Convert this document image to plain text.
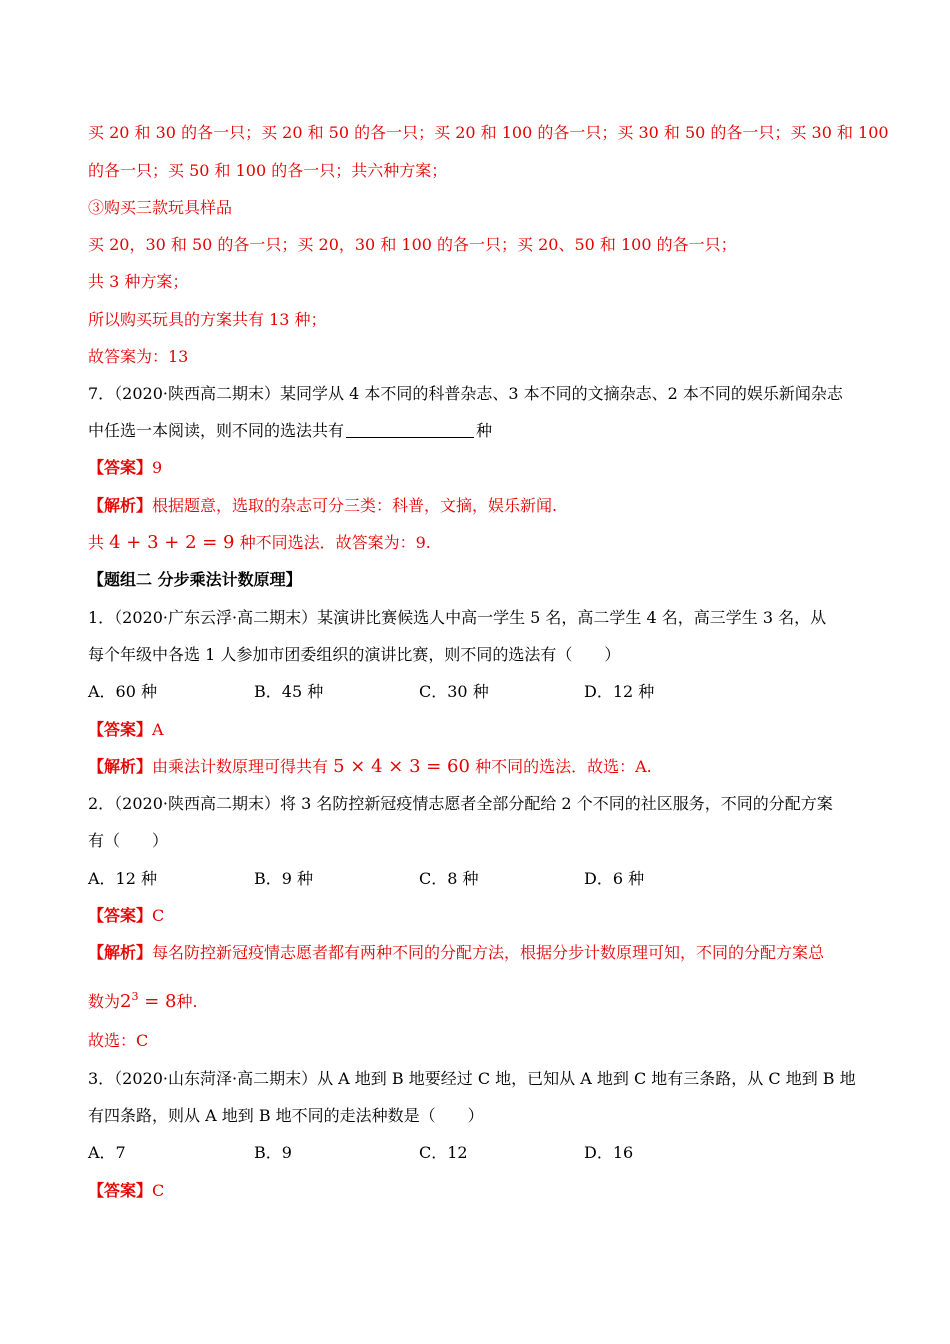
买 20 和 30 的各一只；买 20 和 50 的各一只；买 20 和 100 的各一只；买 30 和 50 的各一只；买 30 和 100
的各一只；买 50 和 100 的各一只；共六种方案；
③购买三款玩具样品
买 20，30 和 50 的各一只；买 20，30 和 100 的各一只；买 20、50 和 100 的各一只；
共 3 种方案；
所以购买玩具的方案共有 13 种；
故答案为：13
7．（2020·陕西高二期末）某同学从 4 本不同的科普杂志、3 本不同的文摘杂志、2 本不同的娱乐新闻杂志
中任选一本阅读，则不同的选法共有	种
【答案】9
【解析】根据题意，选取的杂志可分三类：科普，文摘，娱乐新闻.
共 4 + 3 + 2 = 9 种不同选法．故答案为：9.
【题组二 分步乘法计数原理】
1．（2020·广东云浮·高二期末）某演讲比赛候选人中高一学生 5 名，高二学生 4 名，高三学生 3 名，从
每个年级中各选 1 人参加市团委组织的演讲比赛，则不同的选法有（　　）
A．60 种	B．45 种	C．30 种	D．12 种
【答案】A
【解析】由乘法计数原理可得共有 5 × 4 × 3 = 60 种不同的选法．故选：A.
2．（2020·陕西高二期末）将 3 名防控新冠疫情志愿者全部分配给 2 个不同的社区服务，不同的分配方案
有（　　）
A．12 种	B．9 种	C．8 种	D．6 种
【答案】C
【解析】每名防控新冠疫情志愿者都有两种不同的分配方法，根据分步计数原理可知，不同的分配方案总
数为$2^3 = 8$种.
故选：C
3．（2020·山东菏泽·高二期末）从 A 地到 B 地要经过 C 地，已知从 A 地到 C 地有三条路，从 C 地到 B 地
有四条路，则从 A 地到 B 地不同的走法种数是（　　）
A．7	B．9	C．12	D．16
【答案】C
